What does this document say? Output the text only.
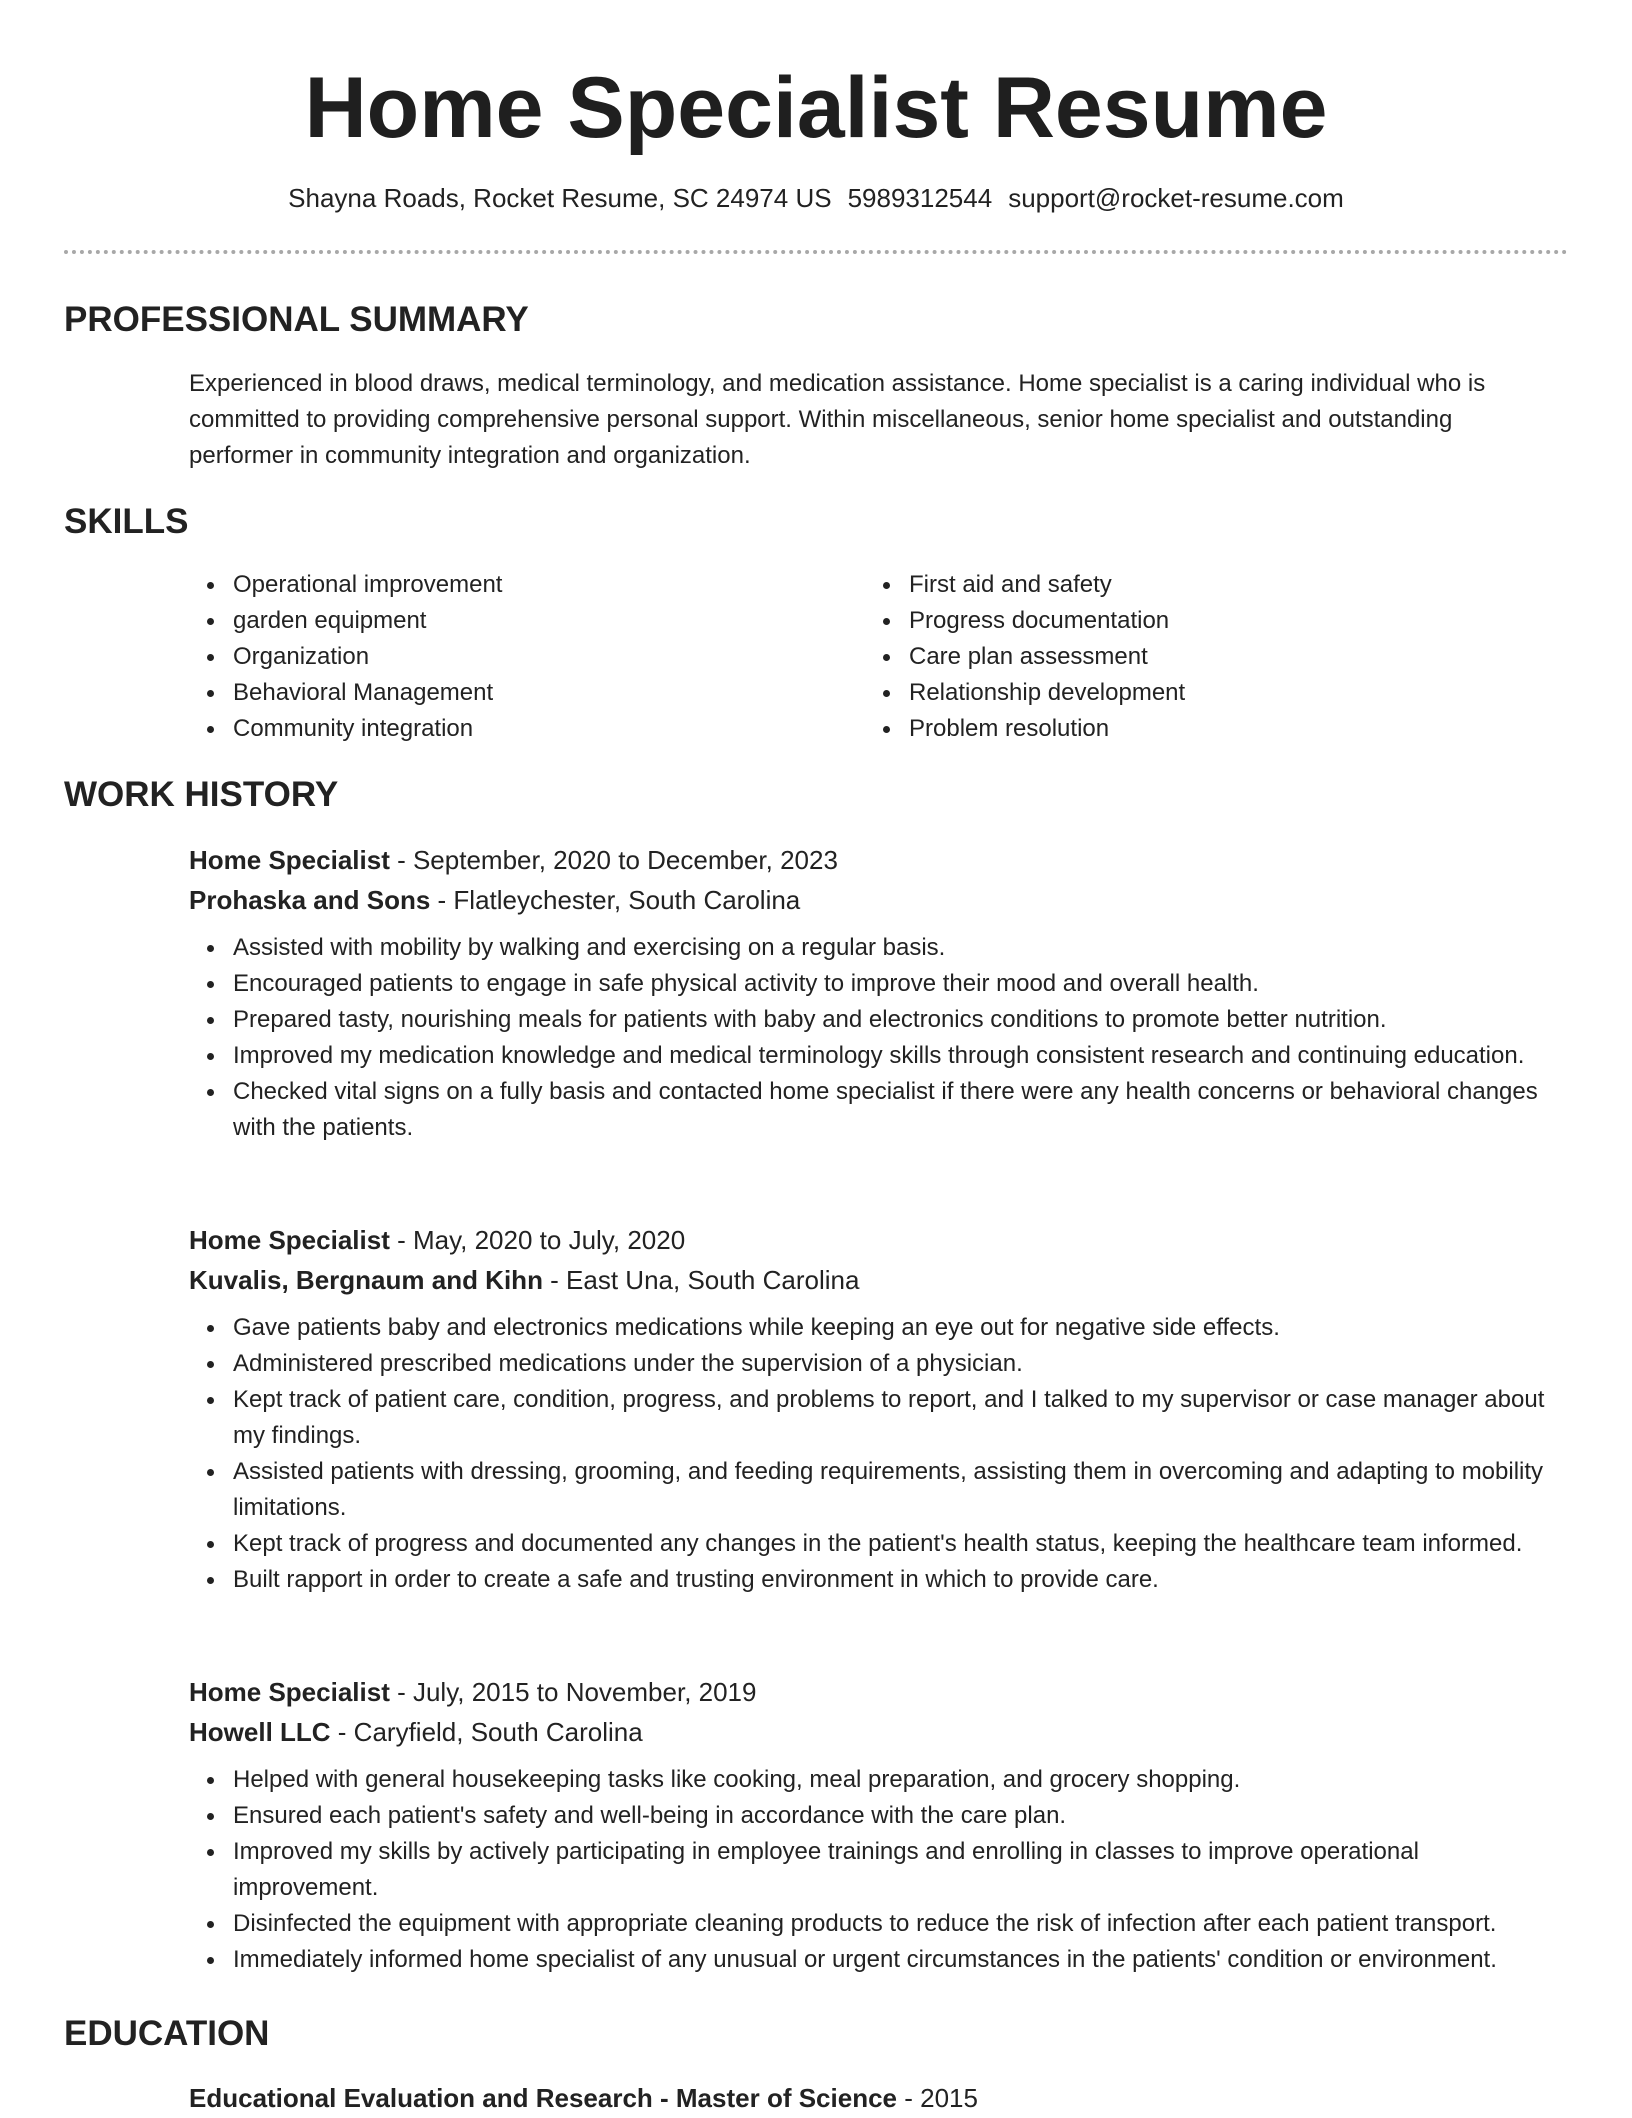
Home Specialist Resume
Shayna Roads, Rocket Resume, SC 24974 US 5989312544 support@rocket-resume.com
PROFESSIONAL SUMMARY
Experienced in blood draws, medical terminology, and medication assistance. Home specialist is a caring individual who is committed to providing comprehensive personal support. Within miscellaneous, senior home specialist and outstanding performer in community integration and organization.
SKILLS
Operational improvement
garden equipment
Organization
Behavioral Management
Community integration
First aid and safety
Progress documentation
Care plan assessment
Relationship development
Problem resolution
WORK HISTORY
Home Specialist - September, 2020 to December, 2023
Prohaska and Sons - Flatleychester, South Carolina
Assisted with mobility by walking and exercising on a regular basis.
Encouraged patients to engage in safe physical activity to improve their mood and overall health.
Prepared tasty, nourishing meals for patients with baby and electronics conditions to promote better nutrition.
Improved my medication knowledge and medical terminology skills through consistent research and continuing education.
Checked vital signs on a fully basis and contacted home specialist if there were any health concerns or behavioral changes with the patients.
Home Specialist - May, 2020 to July, 2020
Kuvalis, Bergnaum and Kihn - East Una, South Carolina
Gave patients baby and electronics medications while keeping an eye out for negative side effects.
Administered prescribed medications under the supervision of a physician.
Kept track of patient care, condition, progress, and problems to report, and I talked to my supervisor or case manager about my findings.
Assisted patients with dressing, grooming, and feeding requirements, assisting them in overcoming and adapting to mobility limitations.
Kept track of progress and documented any changes in the patient's health status, keeping the healthcare team informed.
Built rapport in order to create a safe and trusting environment in which to provide care.
Home Specialist - July, 2015 to November, 2019
Howell LLC - Caryfield, South Carolina
Helped with general housekeeping tasks like cooking, meal preparation, and grocery shopping.
Ensured each patient's safety and well-being in accordance with the care plan.
Improved my skills by actively participating in employee trainings and enrolling in classes to improve operational improvement.
Disinfected the equipment with appropriate cleaning products to reduce the risk of infection after each patient transport.
Immediately informed home specialist of any unusual or urgent circumstances in the patients' condition or environment.
EDUCATION
Educational Evaluation and Research - Master of Science - 2015
